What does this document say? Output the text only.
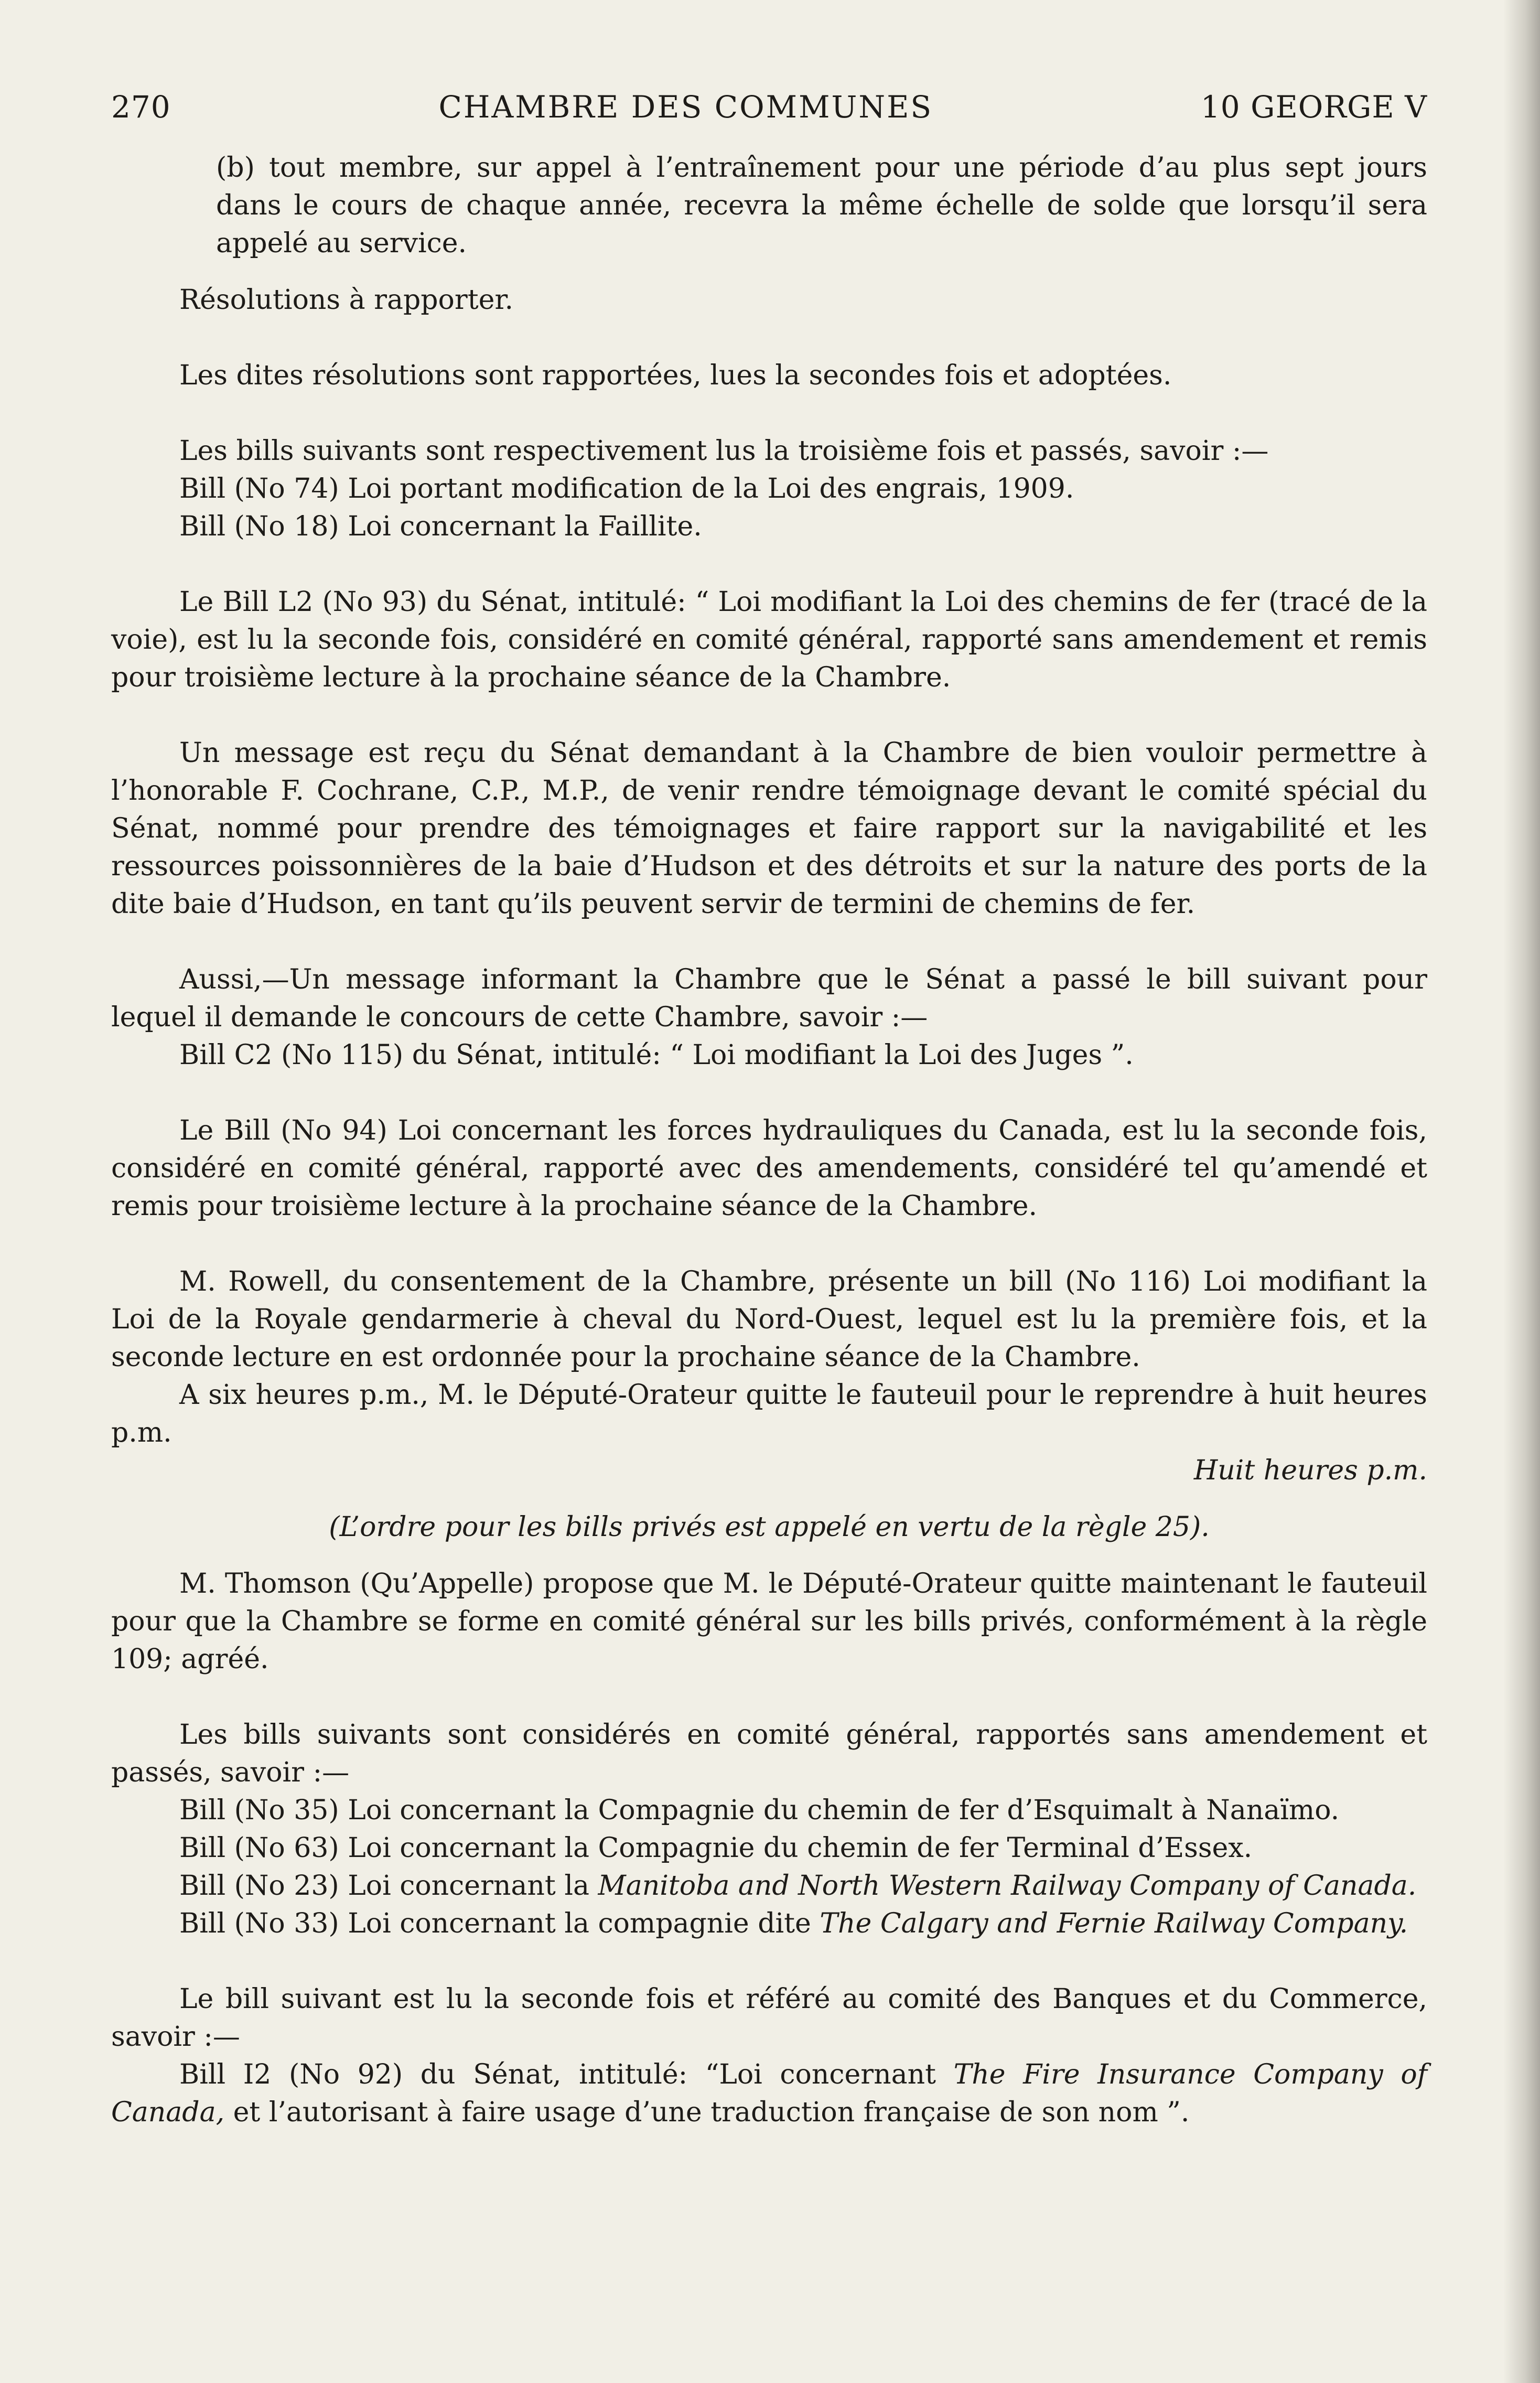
270	CHAMBRE DES COMMUNES	10 GEORGE V

(b) tout membre, sur appel à l’entraînement pour une période d’au plus sept jours dans le cours de chaque année, recevra la même échelle de solde que lorsqu’il sera appelé au service.

Résolutions à rapporter.

Les dites résolutions sont rapportées, lues la secondes fois et adoptées.

Les bills suivants sont respectivement lus la troisième fois et passés, savoir :—

Bill (No 74) Loi portant modification de la Loi des engrais, 1909.

Bill (No 18) Loi concernant la Faillite.

Le Bill L2 (No 93) du Sénat, intitulé: “ Loi modifiant la Loi des chemins de fer (tracé de la voie), est lu la seconde fois, considéré en comité général, rapporté sans amendement et remis pour troisième lecture à la prochaine séance de la Chambre.

Un message est reçu du Sénat demandant à la Chambre de bien vouloir permettre à l’honorable F. Cochrane, C.P., M.P., de venir rendre témoignage devant le comité spécial du Sénat, nommé pour prendre des témoignages et faire rapport sur la navigabilité et les ressources poissonnières de la baie d’Hudson et des détroits et sur la nature des ports de la dite baie d’Hudson, en tant qu’ils peuvent servir de termini de chemins de fer.

Aussi,—Un message informant la Chambre que le Sénat a passé le bill suivant pour lequel il demande le concours de cette Chambre, savoir :—

Bill C2 (No 115) du Sénat, intitulé: “ Loi modifiant la Loi des Juges ”.

Le Bill (No 94) Loi concernant les forces hydrauliques du Canada, est lu la seconde fois, considéré en comité général, rapporté avec des amendements, considéré tel qu’amendé et remis pour troisième lecture à la prochaine séance de la Chambre.

M. Rowell, du consentement de la Chambre, présente un bill (No 116) Loi modifiant la Loi de la Royale gendarmerie à cheval du Nord-Ouest, lequel est lu la première fois, et la seconde lecture en est ordonnée pour la prochaine séance de la Chambre.

A six heures p.m., M. le Député-Orateur quitte le fauteuil pour le reprendre à huit heures p.m.

Huit heures p.m.

(L’ordre pour les bills privés est appelé en vertu de la règle 25).

M. Thomson (Qu’Appelle) propose que M. le Député-Orateur quitte maintenant le fauteuil pour que la Chambre se forme en comité général sur les bills privés, conformément à la règle 109; agréé.

Les bills suivants sont considérés en comité général, rapportés sans amendement et passés, savoir :—

Bill (No 35) Loi concernant la Compagnie du chemin de fer d’Esquimalt à Nanaïmo.

Bill (No 63) Loi concernant la Compagnie du chemin de fer Terminal d’Essex.

Bill (No 23) Loi concernant la Manitoba and North Western Railway Company of Canada.

Bill (No 33) Loi concernant la compagnie dite The Calgary and Fernie Railway Company.

Le bill suivant est lu la seconde fois et référé au comité des Banques et du Commerce, savoir :—

Bill I2 (No 92) du Sénat, intitulé: “Loi concernant The Fire Insurance Company of Canada, et l’autorisant à faire usage d’une traduction française de son nom ”.
